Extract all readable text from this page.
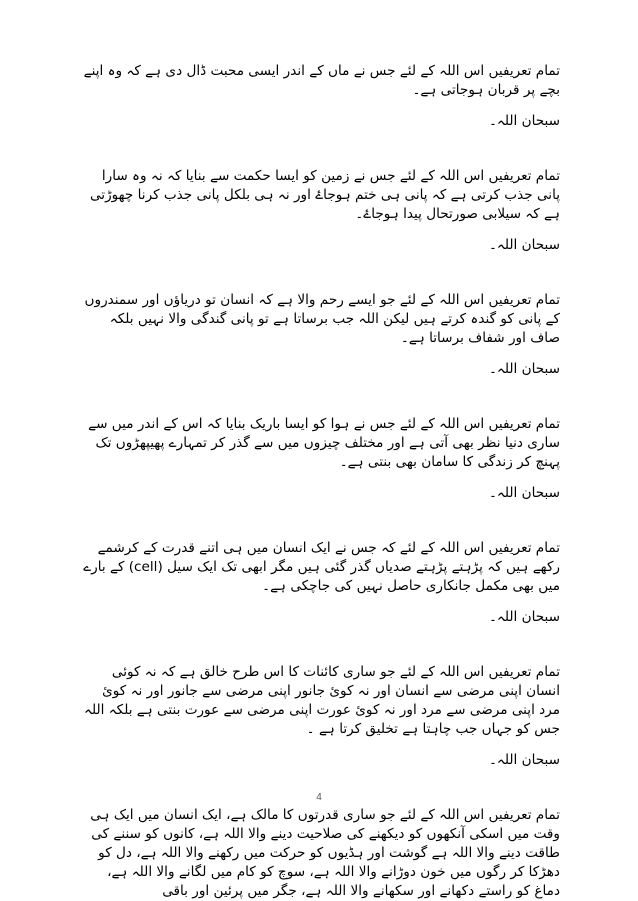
تمام تعریفیں اس اللہ کے لئے جس نے ماں کے اندر ایسی محبت ڈال دی ہے کہ وہ اپنے بچے پر قربان ہوجاتی ہے۔

سبحان اللہ۔

تمام تعریفیں اس اللہ کے لئے جس نے زمین کو ایسا حکمت سے بنایا کہ نہ وہ سارا پانی جذب کرتی ہے کہ پانی ہی ختم ہوجاۓ اور نہ ہی بلکل پانی جذب کرنا چھوڑتی ہے کہ سیلابی صورتحال پیدا ہوجاۓ۔

سبحان اللہ۔

تمام تعریفیں اس اللہ کے لئے جو ایسے رحم والا ہے کہ انسان تو دریاؤں اور سمندروں کے پانی کو گندہ کرتے ہیں لیکن اللہ جب برساتا ہے تو پانی گندگی والا نہیں بلکہ صاف اور شفاف برساتا ہے۔

سبحان اللہ۔

تمام تعریفیں اس اللہ کے لئے جس نے ہوا کو ایسا باریک بنایا کہ اس کے اندر میں سے ساری دنیا نظر بھی آتی ہے اور مختلف چیزوں میں سے گذر کر تمہارے پھیپھڑوں تک پہنچ کر زندگی کا سامان بھی بنتی ہے۔

سبحان اللہ۔

تمام تعریفیں اس اللہ کے لئے کہ جس نے ایک انسان میں ہی اتنے قدرت کے کرشمے رکھے ہیں کہ پڑہتے پڑہتے صدیاں گذر گئی ہیں مگر ابھی تک ایک سیل (cell) کے بارے میں بھی مکمل جانکاری حاصل نہیں کی جاچکی ہے۔

سبحان اللہ۔

تمام تعریفیں اس اللہ کے لئے جو ساری کائنات کا اس طرح خالق ہے کہ نہ کوئی انسان اپنی مرضی سے انسان اور نہ کوئ جانور اپنی مرضی سے جانور اور نہ کوئ مرد اپنی مرضی سے مرد اور نہ کوئ عورت اپنی مرضی سے عورت بنتی ہے بلکہ اللہ جس کو جہاں جب چاہتا ہے تخلیق کرتا ہے ۔

سبحان اللہ۔

تمام تعریفیں اس اللہ کے لئے جو ساری قدرتوں کا مالک ہے، ایک انسان میں ایک ہی وقت میں اسکی آنکھوں کو دیکھنے کی صلاحیت دینے والا اللہ ہے، کانوں کو سننے کی طاقت دینے والا اللہ ہے گوشت اور ہڈیوں کو حرکت میں رکھنے والا اللہ ہے، دل کو دھڑکا کر رگوں میں خون دوڑانے والا اللہ ہے، سوچ کو کام میں لگانے والا اللہ ہے، دماغ کو راستے دکھانے اور سکھانے والا اللہ ہے، جگر میں پرئین اور باقی

4
